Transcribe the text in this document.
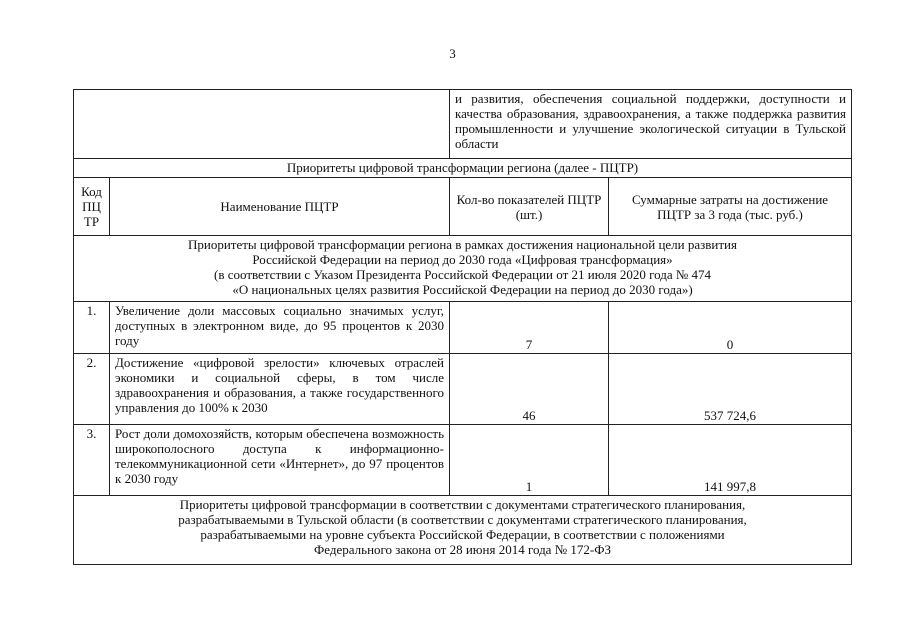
3
		и развития, обеспечения социальной поддержки, доступности и качества образования, здравоохранения, а также поддержка развития промышленности и улучшение экологической ситуации в Тульской области	
Приоритеты цифровой трансформации региона (далее - ПЦТР)			
Код ПЦ ТР	Наименование ПЦТР	Кол-во показателей ПЦТР (шт.)	Суммарные затраты на достижение ПЦТР за 3 года (тыс. руб.)

Приоритеты цифровой трансформации региона в рамках достижения национальной цели развития
Российской Федерации на период до 2030 года «Цифровая трансформация»
(в соответствии с Указом Президента Российской Федерации от 21 июля 2020 года № 474
«О национальных целях развития Российской Федерации на период до 2030 года»)			

1.	Увеличение доли массовых социально значимых услуг, доступных в электронном виде, до 95 процентов к 2030 году	7	0
2.	Достижение «цифровой зрелости» ключевых отраслей экономики и социальной сферы, в том числе здравоохранения и образования, а также государственного управления до 100% к 2030	46	537 724,6
3.	Рост доли домохозяйств, которым обеспечена возможность широкополосного доступа к информационно-телекоммуникационной сети «Интернет», до 97 процентов к 2030 году	1	141 997,8

Приоритеты цифровой трансформации в соответствии с документами стратегического планирования,
разрабатываемыми в Тульской области (в соответствии с документами стратегического планирования,
разрабатываемыми на уровне субъекта Российской Федерации, в соответствии с положениями
Федерального закона от 28 июня 2014 года № 172-ФЗ			
